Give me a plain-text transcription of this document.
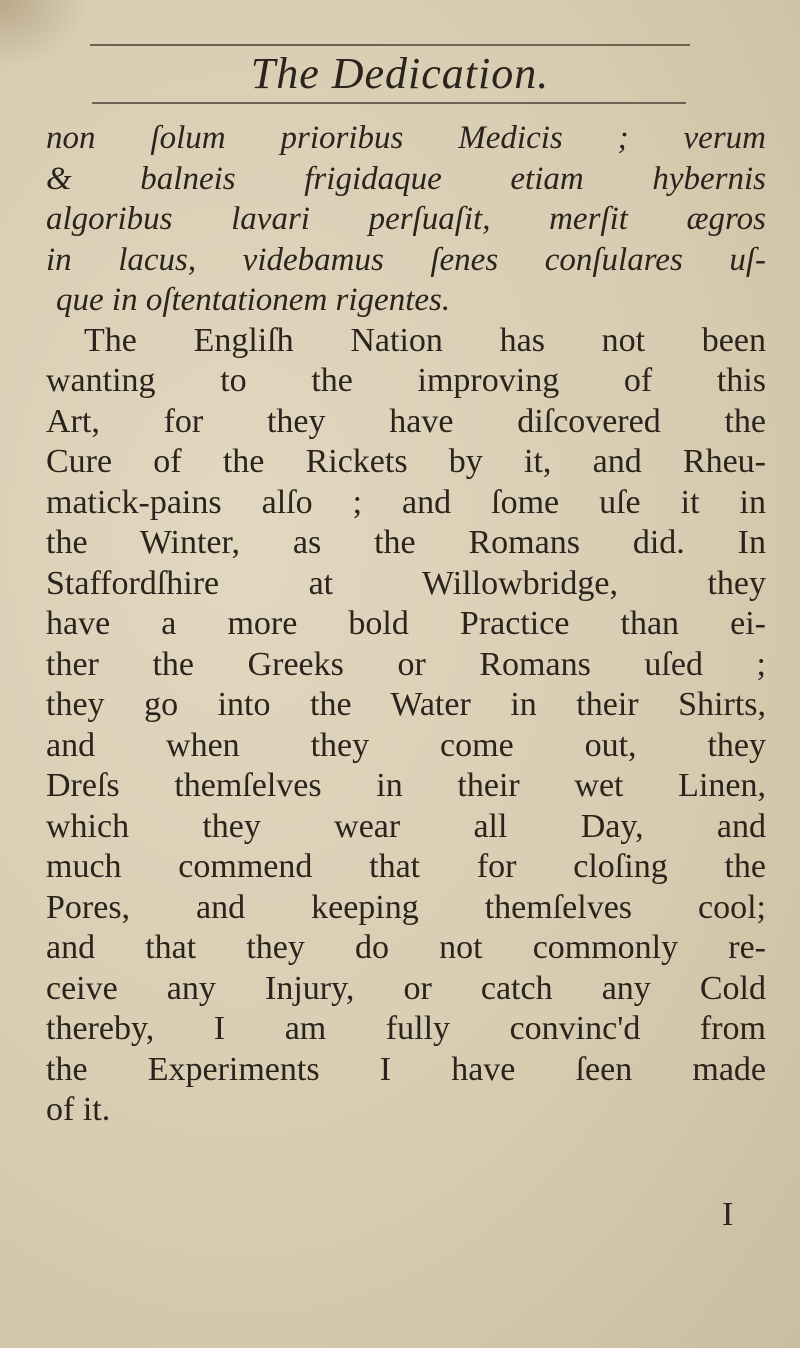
The Dedication.
non ſolum prioribus Medicis ; verum
& balneis frigidaque etiam hybernis
algoribus lavari perſuaſit, merſit ægros
in lacus, videbamus ſenes conſulares uſ-
que in oſtentationem rigentes.
The Engliſh Nation has not been
wanting to the improving of this
Art, for they have diſcovered the
Cure of the Rickets by it, and Rheu-
matick-pains alſo ; and ſome uſe it in
the Winter, as the Romans did. In
Staffordſhire at Willowbridge, they
have a more bold Practice than ei-
ther the Greeks or Romans uſed ;
they go into the Water in their Shirts,
and when they come out, they
Dreſs themſelves in their wet Linen,
which they wear all Day, and
much commend that for cloſing the
Pores, and keeping themſelves cool;
and that they do not commonly re-
ceive any Injury, or catch any Cold
thereby, I am fully convinc'd from
the Experiments I have ſeen made
of it.
I
